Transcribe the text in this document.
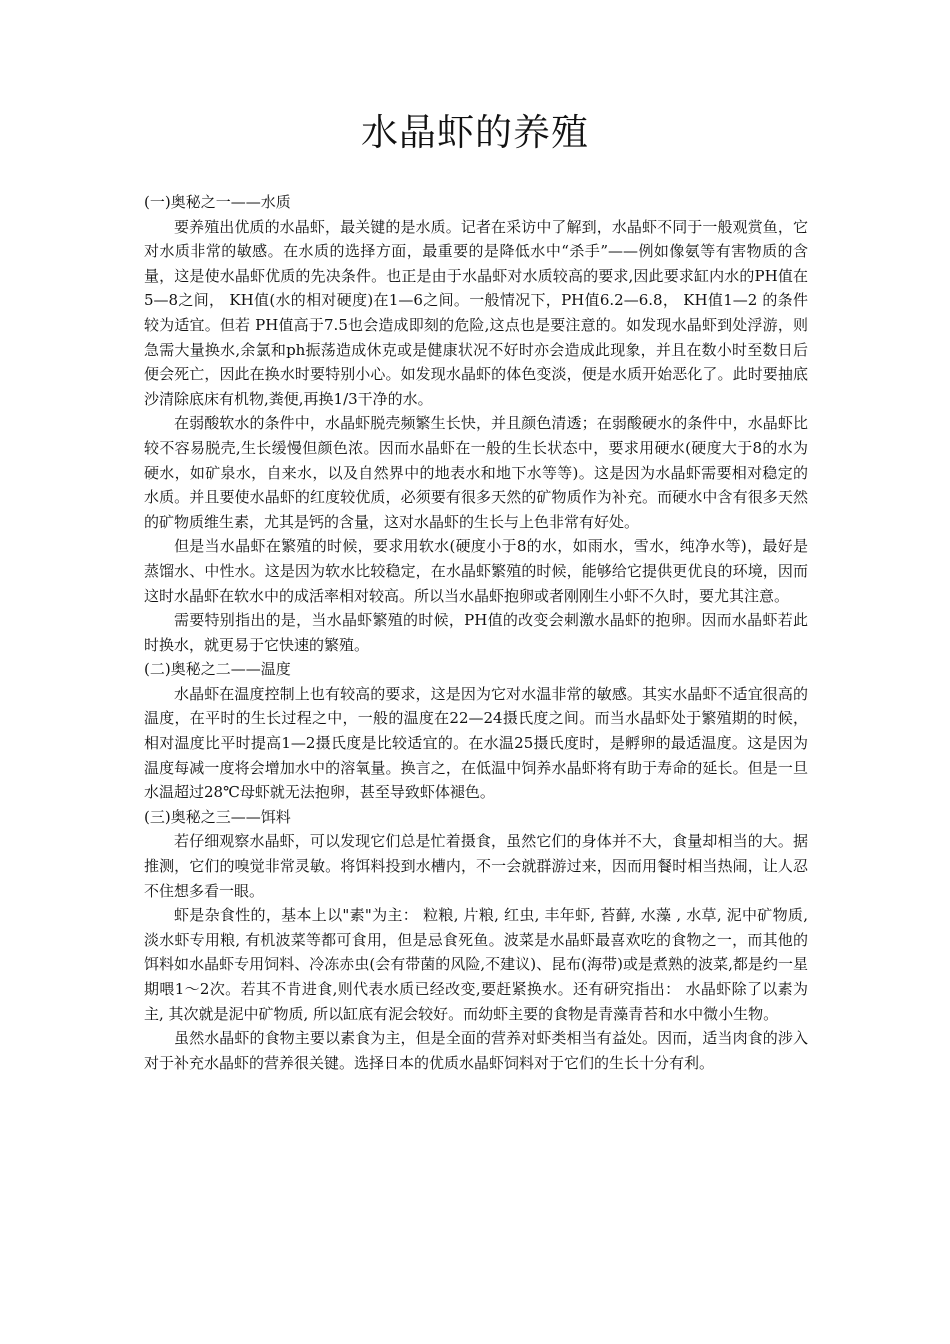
水晶虾的养殖

(一)奥秘之一——水质

要养殖出优质的水晶虾，最关键的是水质。记者在采访中了解到，水晶虾不同于一般观赏鱼，它对水质非常的敏感。在水质的选择方面，最重要的是降低水中“杀手”——例如像氨等有害物质的含量，这是使水晶虾优质的先决条件。也正是由于水晶虾对水质较高的要求,因此要求缸内水的PH值在5—8之间， KH值(水的相对硬度)在1—6之间。一般情况下，PH值6.2—6.8， KH值1—2 的条件较为适宜。但若 PH值高于7.5也会造成即刻的危险,这点也是要注意的。如发现水晶虾到处浮游，则急需大量换水,余氯和ph振荡造成休克或是健康状况不好时亦会造成此现象，并且在数小时至数日后便会死亡，因此在换水时要特别小心。如发现水晶虾的体色变淡，便是水质开始恶化了。此时要抽底沙清除底床有机物,粪便,再换1/3干净的水。

在弱酸软水的条件中，水晶虾脱壳频繁生长快，并且颜色清透；在弱酸硬水的条件中，水晶虾比较不容易脱壳,生长缓慢但颜色浓。因而水晶虾在一般的生长状态中，要求用硬水(硬度大于8的水为硬水，如矿泉水，自来水，以及自然界中的地表水和地下水等等)。这是因为水晶虾需要相对稳定的水质。并且要使水晶虾的红度较优质，必须要有很多天然的矿物质作为补充。而硬水中含有很多天然的矿物质维生素，尤其是钙的含量，这对水晶虾的生长与上色非常有好处。

但是当水晶虾在繁殖的时候，要求用软水(硬度小于8的水，如雨水，雪水，纯净水等)，最好是蒸馏水、中性水。这是因为软水比较稳定，在水晶虾繁殖的时候，能够给它提供更优良的环境，因而这时水晶虾在软水中的成活率相对较高。所以当水晶虾抱卵或者刚刚生小虾不久时，要尤其注意。

需要特别指出的是，当水晶虾繁殖的时候，PH值的改变会刺激水晶虾的抱卵。因而水晶虾若此时换水，就更易于它快速的繁殖。

(二)奥秘之二——温度

水晶虾在温度控制上也有较高的要求，这是因为它对水温非常的敏感。其实水晶虾不适宜很高的温度，在平时的生长过程之中，一般的温度在22—24摄氏度之间。而当水晶虾处于繁殖期的时候，相对温度比平时提高1—2摄氏度是比较适宜的。在水温25摄氏度时，是孵卵的最适温度。这是因为温度每减一度将会增加水中的溶氧量。换言之，在低温中饲养水晶虾将有助于寿命的延长。但是一旦水温超过28℃母虾就无法抱卵，甚至导致虾体褪色。

(三)奥秘之三——饵料

若仔细观察水晶虾，可以发现它们总是忙着摄食，虽然它们的身体并不大，食量却相当的大。据推测，它们的嗅觉非常灵敏。将饵料投到水槽内，不一会就群游过来，因而用餐时相当热闹，让人忍不住想多看一眼。

虾是杂食性的，基本上以"素"为主： 粒粮, 片粮, 红虫, 丰年虾, 苔藓, 水藻 , 水草, 泥中矿物质, 淡水虾专用粮, 有机波菜等都可食用，但是忌食死鱼。波菜是水晶虾最喜欢吃的食物之一，而其他的饵料如水晶虾专用饲料、冷冻赤虫(会有带菌的风险,不建议)、昆布(海带)或是煮熟的波菜,都是约一星期喂1～2次。若其不肯进食,则代表水质已经改变,要赶紧换水。还有研究指出： 水晶虾除了以素为主, 其次就是泥中矿物质, 所以缸底有泥会较好。而幼虾主要的食物是青藻青苔和水中微小生物。

虽然水晶虾的食物主要以素食为主，但是全面的营养对虾类相当有益处。因而，适当肉食的涉入对于补充水晶虾的营养很关键。选择日本的优质水晶虾饲料对于它们的生长十分有利。
